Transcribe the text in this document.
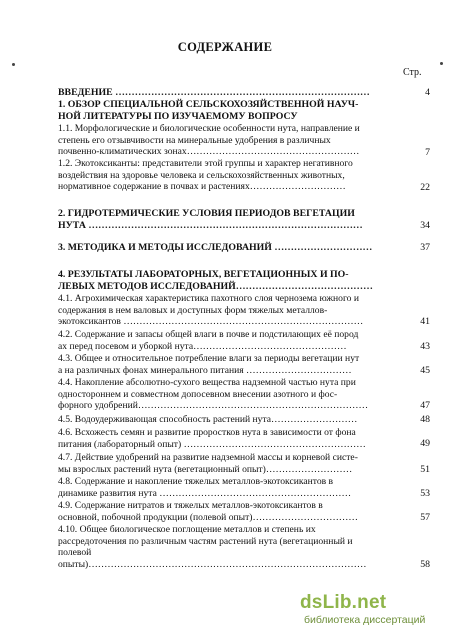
СОДЕРЖАНИЕ
Стр.
ВВЕДЕНИЕ ……………………………………………………………………	4
1. ОБЗОР СПЕЦИАЛЬНОЙ СЕЛЬСКОХОЗЯЙСТВЕННОЙ НАУЧ-
НОЙ ЛИТЕРАТУРЫ ПО ИЗУЧАЕМОМУ ВОПРОСУ
1.1. Морфологические и биологические особенности нута, направление и
степень его отзывчивости на минеральные удобрения в различных
почвенно-климатических зонах………………………………………………	7
1.2. Экотоксиканты: представители этой группы и характер негативного
воздействия на здоровье человека и сельскохозяйственных животных,
нормативное содержание в почвах и растениях…………………………	22
2. ГИДРОТЕРМИЧЕСКИЕ УСЛОВИЯ ПЕРИОДОВ ВЕГЕТАЦИИ
НУТА …………………………………………………………………………	34
3. МЕТОДИКА И МЕТОДЫ ИССЛЕДОВАНИЙ …………………………	37
4. РЕЗУЛЬТАТЫ ЛАБОРАТОРНЫХ, ВЕГЕТАЦИОННЫХ И ПО-
ЛЕВЫХ МЕТОДОВ ИССЛЕДОВАНИЙ……………………………………
4.1. Агрохимическая характеристика пахотного слоя чернозема южного и
содержания в нем валовых и доступных форм тяжелых металлов-
экотоксикантов …………………………………………………………………	41
4.2. Содержание и запасы общей влаги в почве и подстилающих её пород
ах перед посевом и уборкой нута…………………………………………	43
4.3. Общее и относительное потребление влаги за периоды вегетации нут
а на различных фонах минерального питания ……………………………	45
4.4. Накопление абсолютно-сухого вещества надземной частью нута при
одностороннем и совместном допосевном внесении азотного и фос-
форного удобрений………………………………………………………………	47
4.5. Водоудерживающая способность растений нута………………………	48
4.6. Всхожесть семян и развитие проростков нута в зависимости от фона
питания (лабораторный опыт) …………………………………………………	49
4.7. Действие удобрений на развитие надземной массы и корневой систе-
мы взрослых растений нута (вегетационный опыт)………………………	51
4.8. Содержание и накопление тяжелых металлов-экотоксикантов в
динамике развития нута ……………………………………………………	53
4.9. Содержание нитратов и тяжелых металлов-экотоксикантов в
основной, побочной продукции (полевой опыт)……………………………	57
4.10. Общее биологическое поглощение металлов и степень их
расcредоточения по различным частям растений нута (вегетационный и
полевой
опыты)……………………………………………………………………………	58
dsLib.net
библиотека диссертаций
